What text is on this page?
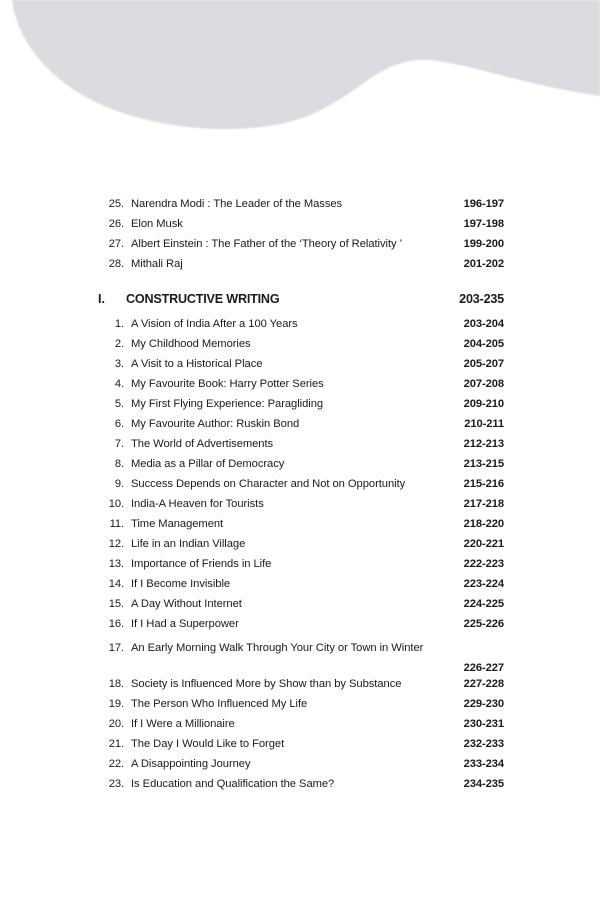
25. Narendra Modi : The Leader of the Masses	196-197
26. Elon Musk	197-198
27. Albert Einstein : The Father of the ‘Theory of Relativity ’	199-200
28. Mithali Raj	201-202
I.	CONSTRUCTIVE WRITING	203-235
1. A Vision of India After a 100 Years	203-204
2. My Childhood Memories	204-205
3. A Visit to a Historical Place	205-207
4. My Favourite Book: Harry Potter Series	207-208
5. My First Flying Experience: Paragliding	209-210
6. My Favourite Author: Ruskin Bond	210-211
7. The World of Advertisements	212-213
8. Media as a Pillar of Democracy	213-215
9. Success Depends on Character and Not on Opportunity	215-216
10. India-A Heaven for Tourists	217-218
11. Time Management	218-220
12. Life in an Indian Village	220-221
13. Importance of Friends in Life	222-223
14. If I Become Invisible	223-224
15. A Day Without Internet	224-225
16. If I Had a Superpower	225-226
17. An Early Morning Walk Through Your City or Town in Winter
226-227
18. Society is Influenced More by Show than by Substance	227-228
19. The Person Who Influenced My Life	229-230
20. If I Were a Millionaire	230-231
21. The Day I Would Like to Forget	232-233
22. A Disappointing Journey	233-234
23. Is Education and Qualification the Same?	234-235
